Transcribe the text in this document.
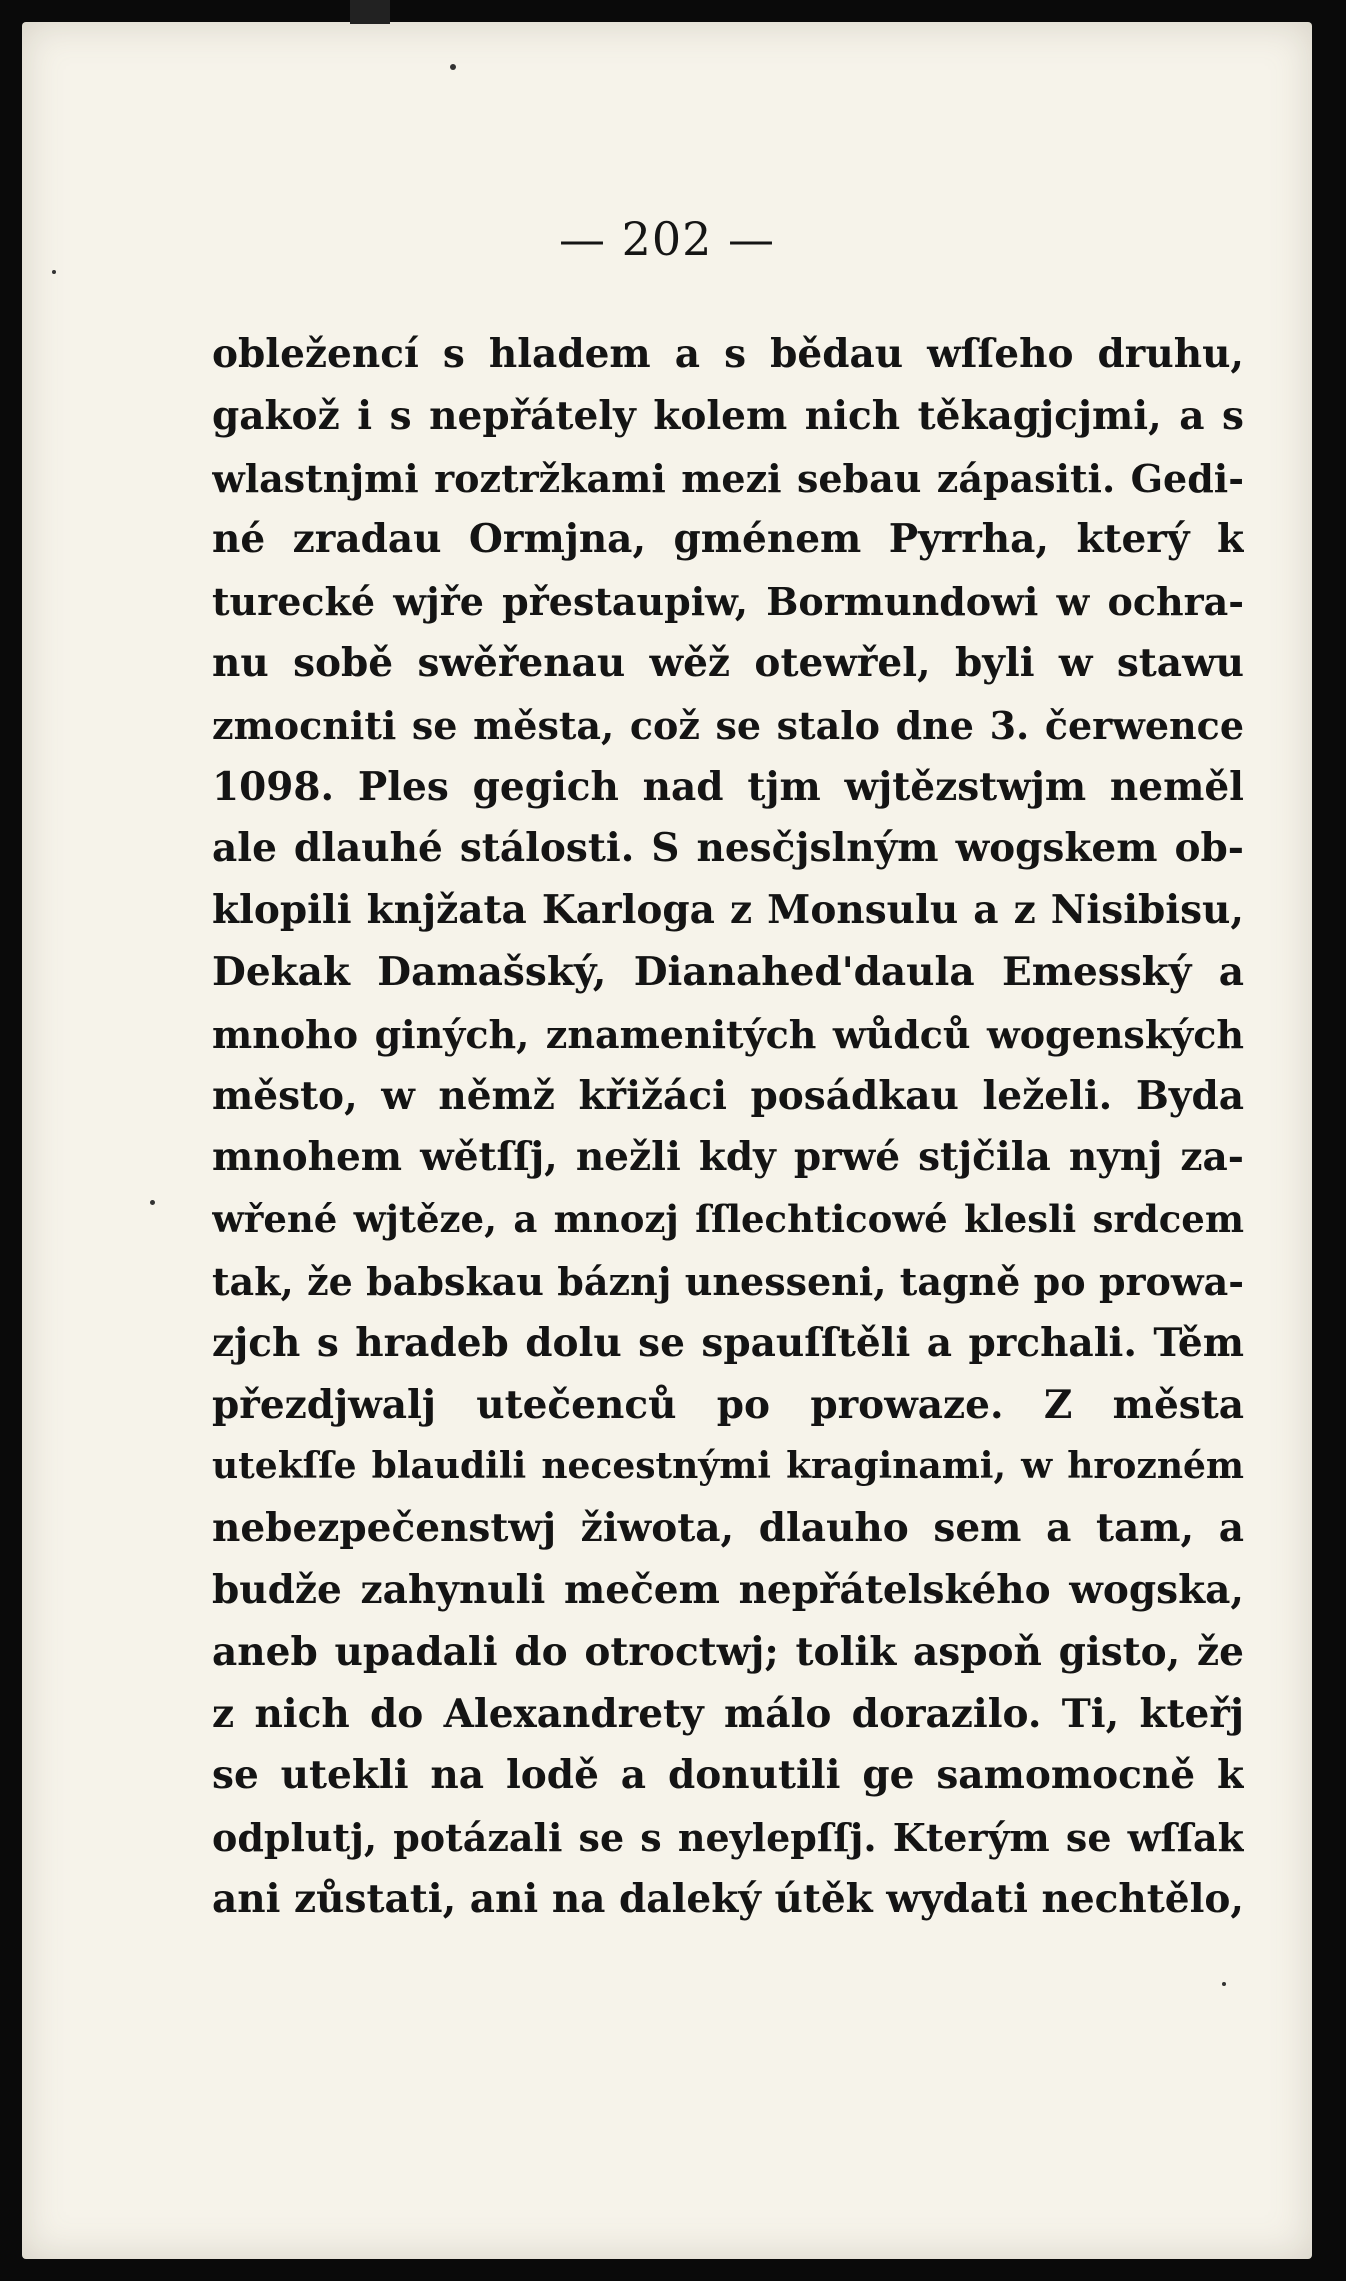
— 202 —
obležencí s hladem a s bědau wſſeho druhu,
gakož i s nepřátely kolem nich těkagjcjmi, a s
wlastnjmi roztržkami mezi sebau zápasiti. Gedi-
né zradau Ormjna, gménem Pyrrha, který k
turecké wjře přestaupiw, Bormundowi w ochra-
nu sobě swěřenau wěž otewřel, byli w stawu
zmocniti se města, což se stalo dne 3. čerwence
1098. Ples gegich nad tjm wjtězstwjm neměl
ale dlauhé stálosti. S nesčjslným wogskem ob-
klopili knjžata Karloga z Monsulu a z Nisibisu,
Dekak Damašský, Dianahed'daula Emesský a
mnoho giných, znamenitých wůdců wogenských
město, w němž křižáci posádkau leželi. Byda
mnohem wětſſj, nežli kdy prwé stjčila nynj za-
wřené wjtěze, a mnozj ſſlechticowé klesli srdcem
tak, že babskau báznj unesseni, tagně po prowa-
zjch s hradeb dolu se spauſſtěli a prchali. Těm
přezdjwalj utečenců po prowaze. Z města
utekſſe blaudili necestnými kraginami, w hrozném
nebezpečenstwj žiwota, dlauho sem a tam, a
budže zahynuli mečem nepřátelského wogska,
aneb upadali do otroctwj; tolik aspoň gisto, že
z nich do Alexandrety málo dorazilo. Ti, kteřj
se utekli na lodě a donutili ge samomocně k
odplutj, potázali se s neylepſſj. Kterým se wſſak
ani zůstati, ani na daleký útěk wydati nechtělo,
